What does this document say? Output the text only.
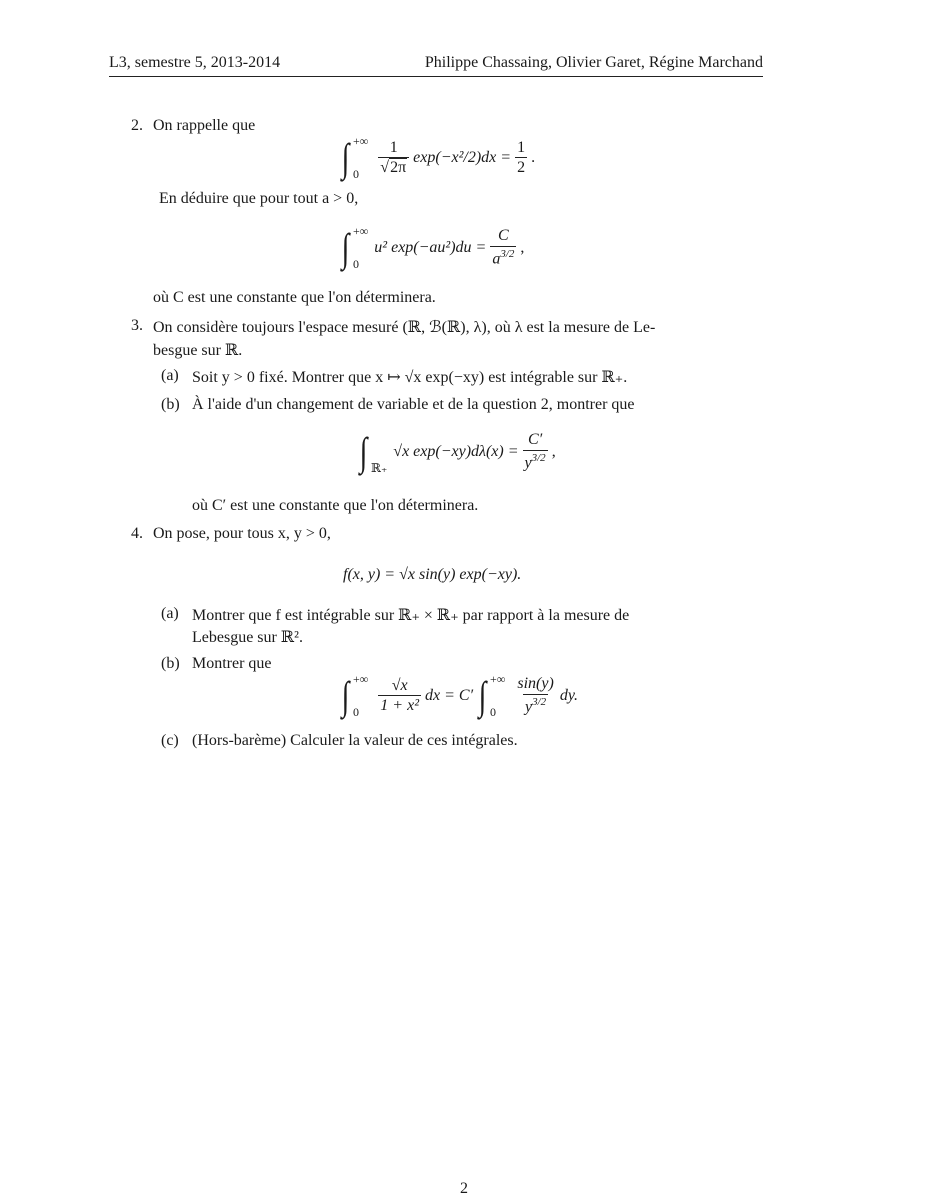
L3, semestre 5, 2013-2014	Philippe Chassaing, Olivier Garet, Régine Marchand
2. On rappelle que
∫ +∞
0	$\frac{1}{√2\pi} \exp(-x^2/2)dx = \frac{1}{2}$ .
En déduire que pour tout a > 0,
∫ +∞
0
u² $\exp(-au^2)du = \frac{C}{a^{3/2}}$ ,
où C est une constante que l'on déterminera.
3. On considère toujours l'espace mesuré (ℝ, ℬ(ℝ), λ), où λ est la mesure de Le-
besgue sur ℝ.
(a) Soit y > 0 fixé. Montrer que x ↦ √x exp(−xy) est intégrable sur ℝ₊.
(b) À l'aide d'un changement de variable et de la question 2, montrer que
∫ ℝ₊
√x $\exp(-xy)d\lambda(x) = \frac{C'}{y^{3/2}}$ ,
où C′ est une constante que l'on déterminera.
4. On pose, pour tous x, y > 0,
f(x, y) = √x sin(y) exp(−xy).
(a) Montrer que f est intégrable sur ℝ₊ × ℝ₊ par rapport à la mesure de
Lebesgue sur ℝ².
(b) Montrer que
∫ +∞
0	$\frac{√x}{\text{1 + x²}}$ dx = C′ ∫ +∞
0	$\frac{\sin(y)}{y^{3/2}}$ dy.
(c) (Hors-barème) Calculer la valeur de ces intégrales.
2
